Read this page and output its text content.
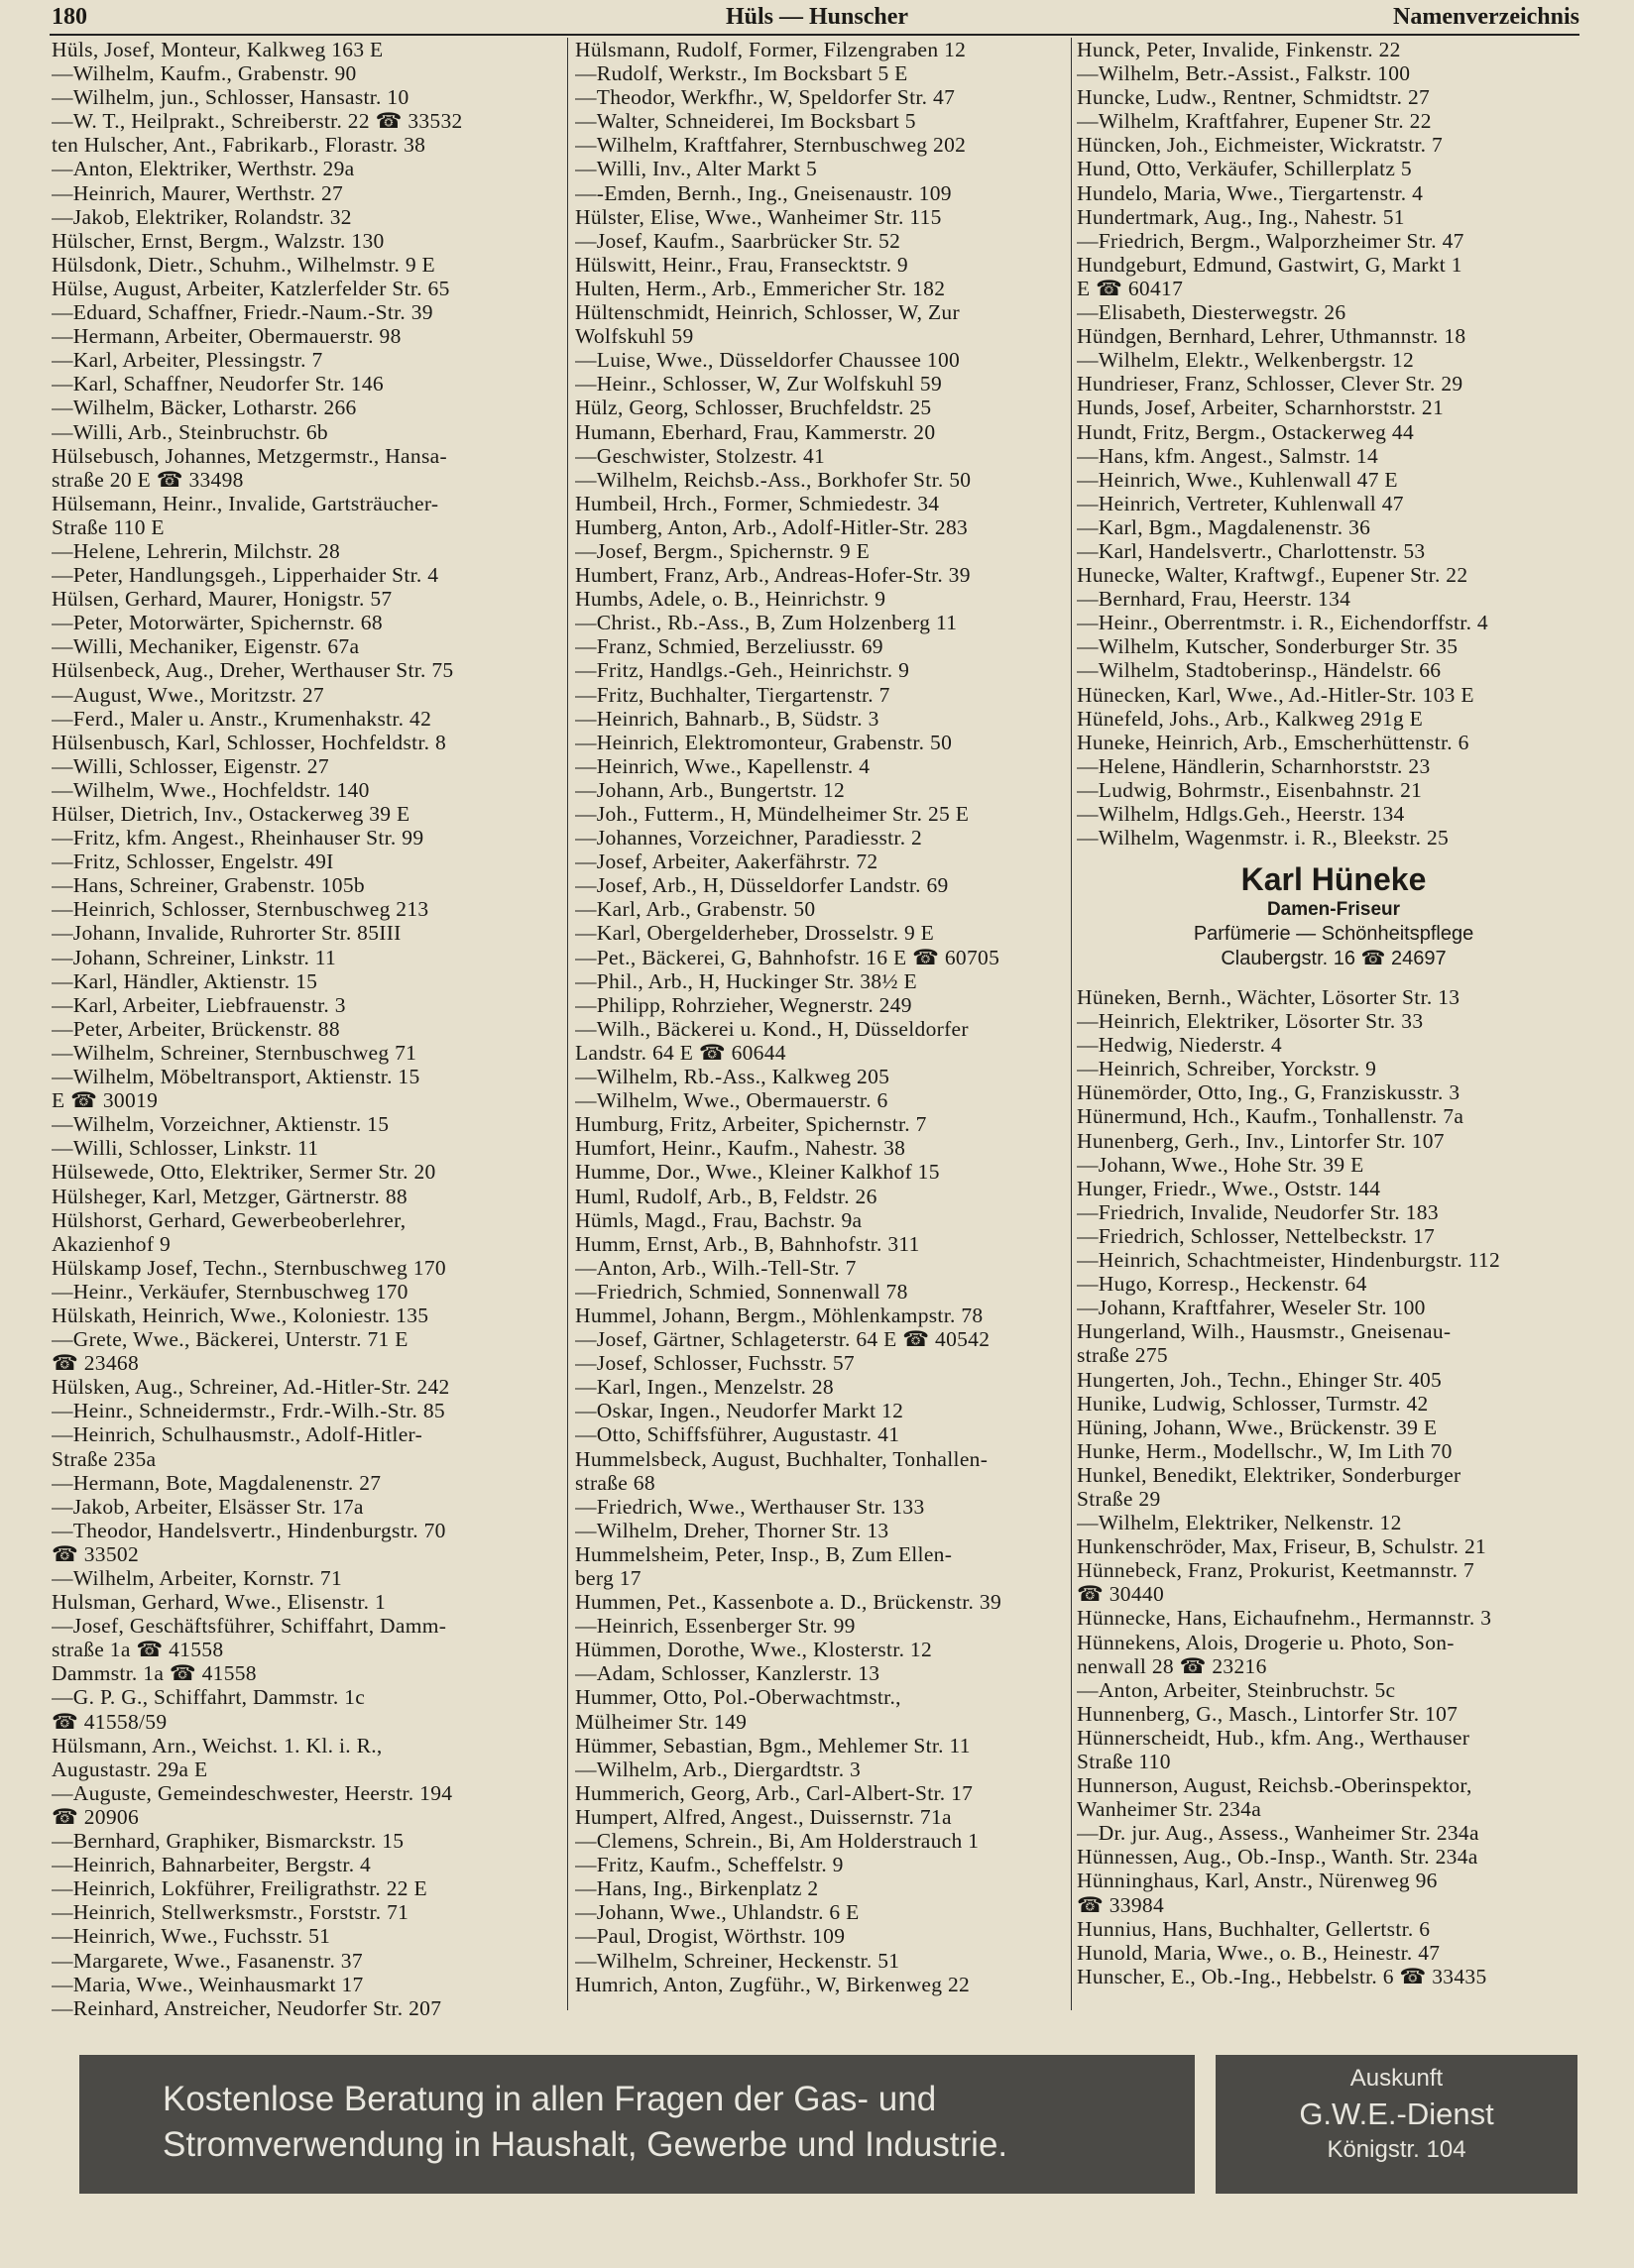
180	Hüls — Hunscher	Namenverzeichnis
Hüls, Josef, Monteur, Kalkweg 163 E
—Wilhelm, Kaufm., Grabenstr. 90
—Wilhelm, jun., Schlosser, Hansastr. 10
—W. T., Heilprakt., Schreiberstr. 22 ☎ 33532
ten Hulscher, Ant., Fabrikarb., Florastr. 38
—Anton, Elektriker, Werthstr. 29a
—Heinrich, Maurer, Werthstr. 27
—Jakob, Elektriker, Rolandstr. 32
Hülscher, Ernst, Bergm., Walzstr. 130
Hülsdonk, Dietr., Schuhm., Wilhelmstr. 9 E
Hülse, August, Arbeiter, Katzlerfelder Str. 65
—Eduard, Schaffner, Friedr.-Naum.-Str. 39
—Hermann, Arbeiter, Obermauerstr. 98
—Karl, Arbeiter, Plessingstr. 7
—Karl, Schaffner, Neudorfer Str. 146
—Wilhelm, Bäcker, Lotharstr. 266
—Willi, Arb., Steinbruchstr. 6b
Hülsebusch, Johannes, Metzgermstr., Hansa-
straße 20 E ☎ 33498
Hülsemann, Heinr., Invalide, Gartsträucher-
Straße 110 E
—Helene, Lehrerin, Milchstr. 28
—Peter, Handlungsgeh., Lipperhaider Str. 4
Hülsen, Gerhard, Maurer, Honigstr. 57
—Peter, Motorwärter, Spichernstr. 68
—Willi, Mechaniker, Eigenstr. 67a
Hülsenbeck, Aug., Dreher, Werthauser Str. 75
—August, Wwe., Moritzstr. 27
—Ferd., Maler u. Anstr., Krumenhakstr. 42
Hülsenbusch, Karl, Schlosser, Hochfeldstr. 8
—Willi, Schlosser, Eigenstr. 27
—Wilhelm, Wwe., Hochfeldstr. 140
Hülser, Dietrich, Inv., Ostackerweg 39 E
—Fritz, kfm. Angest., Rheinhauser Str. 99
—Fritz, Schlosser, Engelstr. 49I
—Hans, Schreiner, Grabenstr. 105b
—Heinrich, Schlosser, Sternbuschweg 213
—Johann, Invalide, Ruhrorter Str. 85III
—Johann, Schreiner, Linkstr. 11
—Karl, Händler, Aktienstr. 15
—Karl, Arbeiter, Liebfrauenstr. 3
—Peter, Arbeiter, Brückenstr. 88
—Wilhelm, Schreiner, Sternbuschweg 71
—Wilhelm, Möbeltransport, Aktienstr. 15
E ☎ 30019
—Wilhelm, Vorzeichner, Aktienstr. 15
—Willi, Schlosser, Linkstr. 11
Hülsewede, Otto, Elektriker, Sermer Str. 20
Hülsheger, Karl, Metzger, Gärtnerstr. 88
Hülshorst, Gerhard, Gewerbeoberlehrer,
Akazienhof 9
Hülskamp Josef, Techn., Sternbuschweg 170
—Heinr., Verkäufer, Sternbuschweg 170
Hülskath, Heinrich, Wwe., Koloniestr. 135
—Grete, Wwe., Bäckerei, Unterstr. 71 E
☎ 23468
Hülsken, Aug., Schreiner, Ad.-Hitler-Str. 242
—Heinr., Schneidermstr., Frdr.-Wilh.-Str. 85
—Heinrich, Schulhausmstr., Adolf-Hitler-
Straße 235a
—Hermann, Bote, Magdalenenstr. 27
—Jakob, Arbeiter, Elsässer Str. 17a
—Theodor, Handelsvertr., Hindenburgstr. 70
☎ 33502
—Wilhelm, Arbeiter, Kornstr. 71
Hulsman, Gerhard, Wwe., Elisenstr. 1
—Josef, Geschäftsführer, Schiffahrt, Damm-
straße 1a ☎ 41558
Dammstr. 1a ☎ 41558
—G. P. G., Schiffahrt, Dammstr. 1c
☎ 41558/59
Hülsmann, Arn., Weichst. 1. Kl. i. R.,
Augustastr. 29a E
—Auguste, Gemeindeschwester, Heerstr. 194
☎ 20906
—Bernhard, Graphiker, Bismarckstr. 15
—Heinrich, Bahnarbeiter, Bergstr. 4
—Heinrich, Lokführer, Freiligrathstr. 22 E
—Heinrich, Stellwerksmstr., Forststr. 71
—Heinrich, Wwe., Fuchsstr. 51
—Margarete, Wwe., Fasanenstr. 37
—Maria, Wwe., Weinhausmarkt 17
—Reinhard, Anstreicher, Neudorfer Str. 207
Hülsmann, Rudolf, Former, Filzengraben 12
—Rudolf, Werkstr., Im Bocksbart 5 E
—Theodor, Werkfhr., W, Speldorfer Str. 47
—Walter, Schneiderei, Im Bocksbart 5
—Wilhelm, Kraftfahrer, Sternbuschweg 202
—Willi, Inv., Alter Markt 5
—-Emden, Bernh., Ing., Gneisenaustr. 109
Hülster, Elise, Wwe., Wanheimer Str. 115
—Josef, Kaufm., Saarbrücker Str. 52
Hülswitt, Heinr., Frau, Fransecktstr. 9
Hulten, Herm., Arb., Emmericher Str. 182
Hültenschmidt, Heinrich, Schlosser, W, Zur
Wolfskuhl 59
—Luise, Wwe., Düsseldorfer Chaussee 100
—Heinr., Schlosser, W, Zur Wolfskuhl 59
Hülz, Georg, Schlosser, Bruchfeldstr. 25
Humann, Eberhard, Frau, Kammerstr. 20
—Geschwister, Stolzestr. 41
—Wilhelm, Reichsb.-Ass., Borkhofer Str. 50
Humbeil, Hrch., Former, Schmiedestr. 34
Humberg, Anton, Arb., Adolf-Hitler-Str. 283
—Josef, Bergm., Spichernstr. 9 E
Humbert, Franz, Arb., Andreas-Hofer-Str. 39
Humbs, Adele, o. B., Heinrichstr. 9
—Christ., Rb.-Ass., B, Zum Holzenberg 11
—Franz, Schmied, Berzeliusstr. 69
—Fritz, Handlgs.-Geh., Heinrichstr. 9
—Fritz, Buchhalter, Tiergartenstr. 7
—Heinrich, Bahnarb., B, Südstr. 3
—Heinrich, Elektromonteur, Grabenstr. 50
—Heinrich, Wwe., Kapellenstr. 4
—Johann, Arb., Bungertstr. 12
—Joh., Futterm., H, Mündelheimer Str. 25 E
—Johannes, Vorzeichner, Paradiesstr. 2
—Josef, Arbeiter, Aakerfährstr. 72
—Josef, Arb., H, Düsseldorfer Landstr. 69
—Karl, Arb., Grabenstr. 50
—Karl, Obergelderheber, Drosselstr. 9 E
—Pet., Bäckerei, G, Bahnhofstr. 16 E ☎ 60705
—Phil., Arb., H, Huckinger Str. 38½ E
—Philipp, Rohrzieher, Wegnerstr. 249
—Wilh., Bäckerei u. Kond., H, Düsseldorfer
Landstr. 64 E ☎ 60644
—Wilhelm, Rb.-Ass., Kalkweg 205
—Wilhelm, Wwe., Obermauerstr. 6
Humburg, Fritz, Arbeiter, Spichernstr. 7
Humfort, Heinr., Kaufm., Nahestr. 38
Humme, Dor., Wwe., Kleiner Kalkhof 15
Huml, Rudolf, Arb., B, Feldstr. 26
Hümls, Magd., Frau, Bachstr. 9a
Humm, Ernst, Arb., B, Bahnhofstr. 311
—Anton, Arb., Wilh.-Tell-Str. 7
—Friedrich, Schmied, Sonnenwall 78
Hummel, Johann, Bergm., Möhlenkampstr. 78
—Josef, Gärtner, Schlageterstr. 64 E ☎ 40542
—Josef, Schlosser, Fuchsstr. 57
—Karl, Ingen., Menzelstr. 28
—Oskar, Ingen., Neudorfer Markt 12
—Otto, Schiffsführer, Augustastr. 41
Hummelsbeck, August, Buchhalter, Tonhallen-
straße 68
—Friedrich, Wwe., Werthauser Str. 133
—Wilhelm, Dreher, Thorner Str. 13
Hummelsheim, Peter, Insp., B, Zum Ellen-
berg 17
Hummen, Pet., Kassenbote a. D., Brückenstr. 39
—Heinrich, Essenberger Str. 99
Hümmen, Dorothe, Wwe., Klosterstr. 12
—Adam, Schlosser, Kanzlerstr. 13
Hummer, Otto, Pol.-Oberwachtmstr.,
Mülheimer Str. 149
Hümmer, Sebastian, Bgm., Mehlemer Str. 11
—Wilhelm, Arb., Diergardtstr. 3
Hummerich, Georg, Arb., Carl-Albert-Str. 17
Humpert, Alfred, Angest., Duissernstr. 71a
—Clemens, Schrein., Bi, Am Holderstrauch 1
—Fritz, Kaufm., Scheffelstr. 9
—Hans, Ing., Birkenplatz 2
—Johann, Wwe., Uhlandstr. 6 E
—Paul, Drogist, Wörthstr. 109
—Wilhelm, Schreiner, Heckenstr. 51
Humrich, Anton, Zugführ., W, Birkenweg 22
Hunck, Peter, Invalide, Finkenstr. 22
—Wilhelm, Betr.-Assist., Falkstr. 100
Huncke, Ludw., Rentner, Schmidtstr. 27
—Wilhelm, Kraftfahrer, Eupener Str. 22
Hüncken, Joh., Eichmeister, Wickratstr. 7
Hund, Otto, Verkäufer, Schillerplatz 5
Hundelo, Maria, Wwe., Tiergartenstr. 4
Hundertmark, Aug., Ing., Nahestr. 51
—Friedrich, Bergm., Walporzheimer Str. 47
Hundgeburt, Edmund, Gastwirt, G, Markt 1
E ☎ 60417
—Elisabeth, Diesterwegstr. 26
Hündgen, Bernhard, Lehrer, Uthmannstr. 18
—Wilhelm, Elektr., Welkenbergstr. 12
Hundrieser, Franz, Schlosser, Clever Str. 29
Hunds, Josef, Arbeiter, Scharnhorststr. 21
Hundt, Fritz, Bergm., Ostackerweg 44
—Hans, kfm. Angest., Salmstr. 14
—Heinrich, Wwe., Kuhlenwall 47 E
—Heinrich, Vertreter, Kuhlenwall 47
—Karl, Bgm., Magdalenenstr. 36
—Karl, Handelsvertr., Charlottenstr. 53
Hunecke, Walter, Kraftwgf., Eupener Str. 22
—Bernhard, Frau, Heerstr. 134
—Heinr., Oberrentmstr. i. R., Eichendorffstr. 4
—Wilhelm, Kutscher, Sonderburger Str. 35
—Wilhelm, Stadtoberinsp., Händelstr. 66
Hünecken, Karl, Wwe., Ad.-Hitler-Str. 103 E
Hünefeld, Johs., Arb., Kalkweg 291g E
Huneke, Heinrich, Arb., Emscherhüttenstr. 6
—Helene, Händlerin, Scharnhorststr. 23
—Ludwig, Bohrmstr., Eisenbahnstr. 21
—Wilhelm, Hdlgs.Geh., Heerstr. 134
—Wilhelm, Wagenmstr. i. R., Bleekstr. 25
Karl Hüneke
Damen-Friseur
Parfümerie — Schönheitspflege
Claubergstr. 16 ☎ 24697
Hüneken, Bernh., Wächter, Lösorter Str. 13
—Heinrich, Elektriker, Lösorter Str. 33
—Hedwig, Niederstr. 4
—Heinrich, Schreiber, Yorckstr. 9
Hünemörder, Otto, Ing., G, Franziskusstr. 3
Hünermund, Hch., Kaufm., Tonhallenstr. 7a
Hunenberg, Gerh., Inv., Lintorfer Str. 107
—Johann, Wwe., Hohe Str. 39 E
Hunger, Friedr., Wwe., Oststr. 144
—Friedrich, Invalide, Neudorfer Str. 183
—Friedrich, Schlosser, Nettelbeckstr. 17
—Heinrich, Schachtmeister, Hindenburgstr. 112
—Hugo, Korresp., Heckenstr. 64
—Johann, Kraftfahrer, Weseler Str. 100
Hungerland, Wilh., Hausmstr., Gneisenau-
straße 275
Hungerten, Joh., Techn., Ehinger Str. 405
Hunike, Ludwig, Schlosser, Turmstr. 42
Hüning, Johann, Wwe., Brückenstr. 39 E
Hunke, Herm., Modellschr., W, Im Lith 70
Hunkel, Benedikt, Elektriker, Sonderburger
Straße 29
—Wilhelm, Elektriker, Nelkenstr. 12
Hunkenschröder, Max, Friseur, B, Schulstr. 21
Hünnebeck, Franz, Prokurist, Keetmannstr. 7
☎ 30440
Hünnecke, Hans, Eichaufnehm., Hermannstr. 3
Hünnekens, Alois, Drogerie u. Photo, Son-
nenwall 28 ☎ 23216
—Anton, Arbeiter, Steinbruchstr. 5c
Hunnenberg, G., Masch., Lintorfer Str. 107
Hünnerscheidt, Hub., kfm. Ang., Werthauser
Straße 110
Hunnerson, August, Reichsb.-Oberinspektor,
Wanheimer Str. 234a
—Dr. jur. Aug., Assess., Wanheimer Str. 234a
Hünnessen, Aug., Ob.-Insp., Wanth. Str. 234a
Hünninghaus, Karl, Anstr., Nürenweg 96
☎ 33984
Hunnius, Hans, Buchhalter, Gellertstr. 6
Hunold, Maria, Wwe., o. B., Heinestr. 47
Hunscher, E., Ob.-Ing., Hebbelstr. 6 ☎ 33435
Kostenlose Beratung in allen Fragen der Gas- und
Stromverwendung in Haushalt, Gewerbe und Industrie.
Auskunft
G.W.E.-Dienst
Königstr. 104
